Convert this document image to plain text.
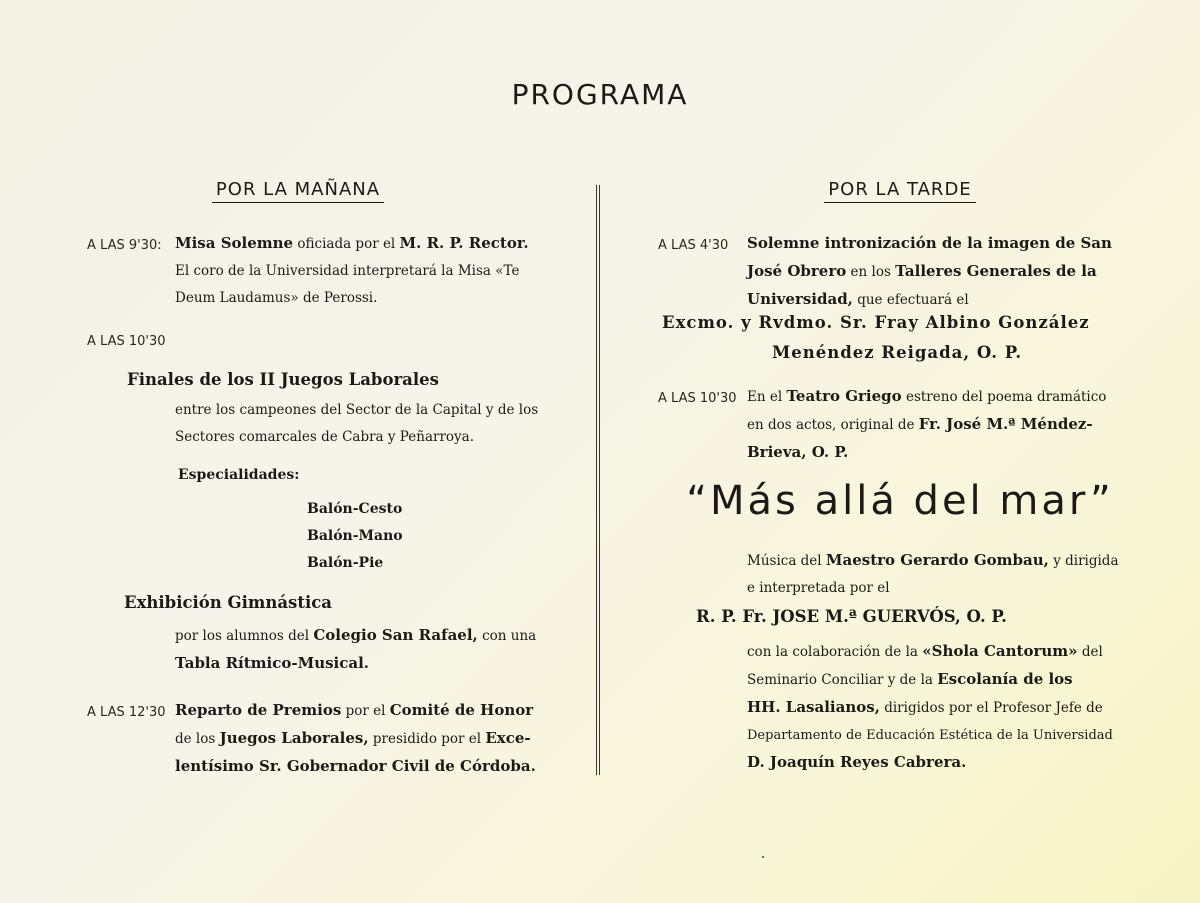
PROGRAMA
POR LA MAÑANA
A LAS 9'30: Misa Solemne oficiada por el M. R. P. Rector.
El coro de la Universidad interpretará la Misa «Te
Deum Laudamus» de Perossi.
A LAS 10'30
Finales de los II Juegos Laborales
entre los campeones del Sector de la Capital y de los
Sectores comarcales de Cabra y Peñarroya.
Especialidades:
Balón-Cesto
Balón-Mano
Balón-Pie
Exhibición Gimnástica
por los alumnos del Colegio San Rafael, con una
Tabla Rítmico-Musical.
A LAS 12'30 Reparto de Premios por el Comité de Honor
de los Juegos Laborales, presidido por el Exce-
lentísimo Sr. Gobernador Civil de Córdoba.
POR LA TARDE
A LAS 4'30 Solemne intronización de la imagen de San
José Obrero en los Talleres Generales de la
Universidad, que efectuará el
Excmo. y Rvdmo. Sr. Fray Albino González
Menéndez Reigada, O. P.
A LAS 10'30 En el Teatro Griego estreno del poema dramático
en dos actos, original de Fr. José M.ª Méndez-
Brieva, O. P.
“Más allá del mar”
Música del Maestro Gerardo Gombau, y dirigida
e interpretada por el
R. P. Fr. JOSE M.ª GUERVÓS, O. P.
con la colaboración de la «Shola Cantorum» del
Seminario Conciliar y de la Escolanía de los
HH. Lasalianos, dirigidos por el Profesor Jefe de
Departamento de Educación Estética de la Universidad
D. Joaquín Reyes Cabrera.
